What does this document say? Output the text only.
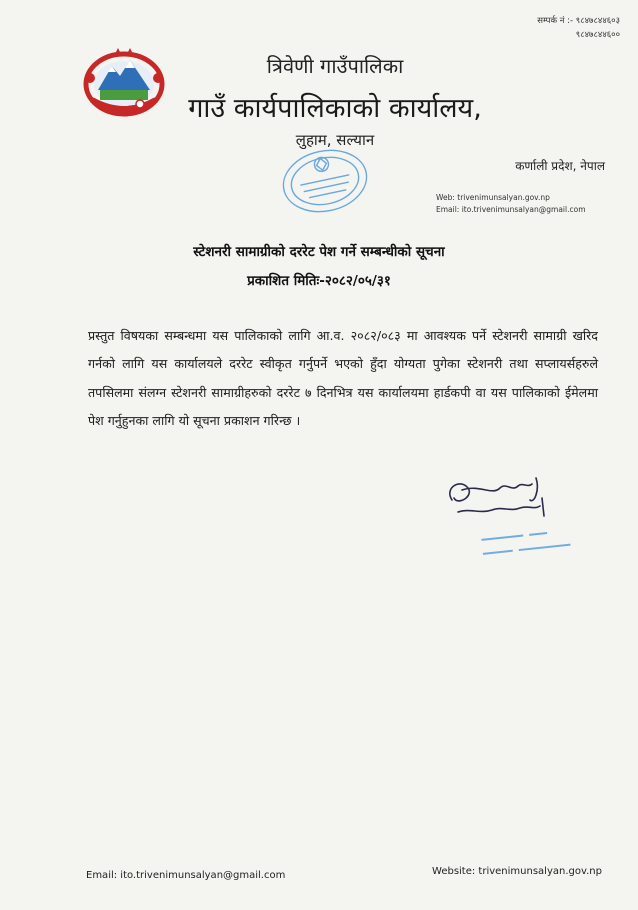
सम्पर्क नं :- ९८४७८४४६०३
९८४७८४४६००
त्रिवेणी गाउँपालिका
गाउँ कार्यपालिकाको कार्यालय,
लुहाम, सल्यान
कर्णाली प्रदेश, नेपाल
Web: trivenimunsalyan.gov.np
Email: ito.trivenimunsalyan@gmail.com
स्टेशनरी सामाग्रीको दररेट पेश गर्ने सम्बन्धीको सूचना
प्रकाशित मितिः-२०८२/०५/३१
प्रस्तुत विषयका सम्बन्धमा यस पालिकाको लागि आ.व. २०८२/०८३ मा आवश्यक पर्ने स्टेशनरी सामाग्री खरिद गर्नको लागि यस कार्यालयले दररेट स्वीकृत गर्नुपर्ने भएको हुँदा योग्यता पुगेका स्टेशनरी तथा सप्लायर्सहरुले तपसिलमा संलग्न स्टेशनरी सामाग्रीहरुको दररेट ७ दिनभित्र यस कार्यालयमा हार्डकपी वा यस पालिकाको ईमेलमा पेश गर्नुहुनका लागि यो सूचना प्रकाशन गरिन्छ ।
Email: ito.trivenimunsalyan@gmail.com	Website: trivenimunsalyan.gov.np
